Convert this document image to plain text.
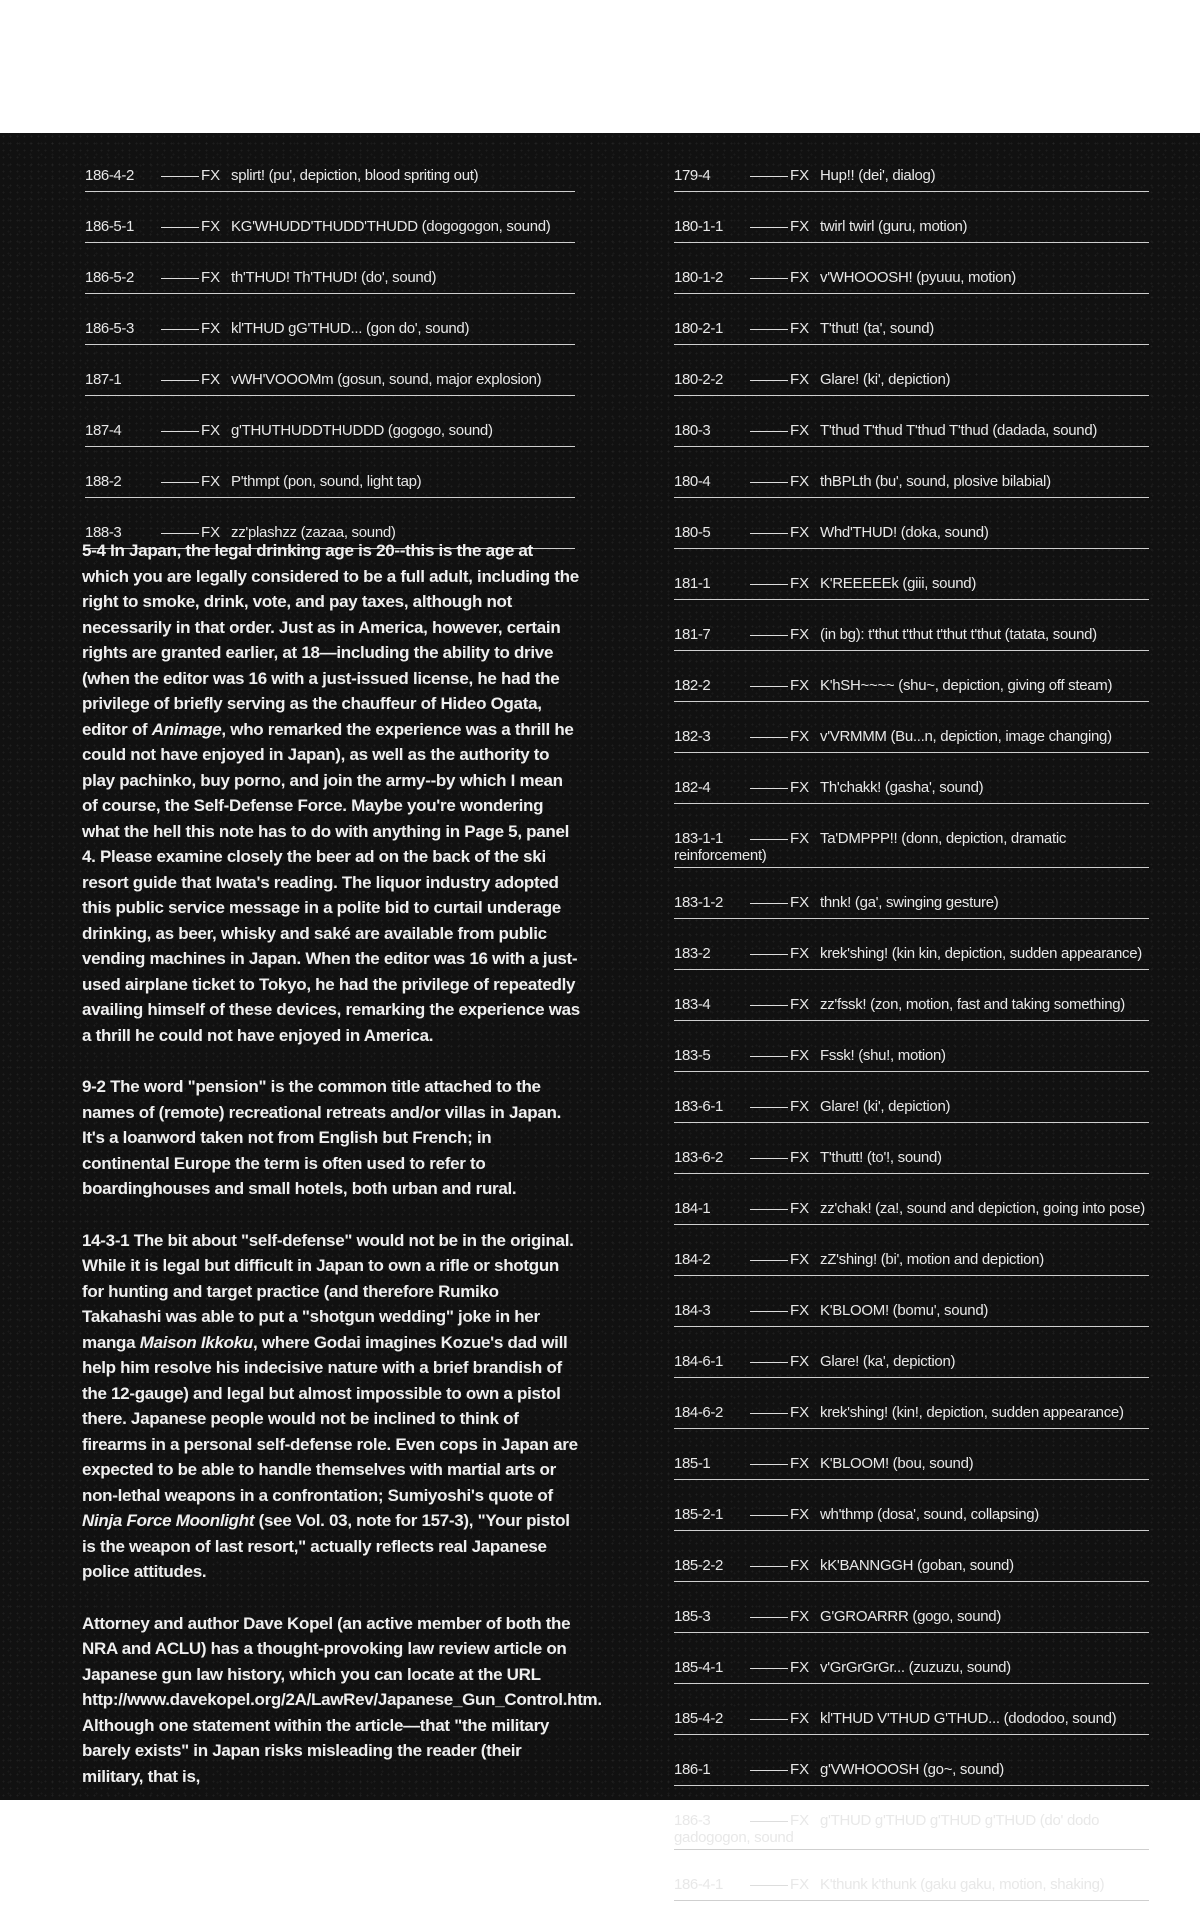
186-4-2	FX splirt! (pu', depiction, blood spriting out)
186-5-1	FX KG'WHUDD'THUDD'THUDD (dogogogon, sound)
186-5-2	FX th'THUD! Th'THUD! (do', sound)
186-5-3	FX kl'THUD gG'THUD... (gon do', sound)
187-1	FX vWH'VOOOMm (gosun, sound, major explosion)
187-4	FX g'THUTHUDDTHUDDD (gogogo, sound)
188-2	FX P'thmpt (pon, sound, light tap)
188-3	FX zz'plashzz (zazaa, sound)
179-4	FX Hup!! (dei', dialog)
180-1-1	FX twirl twirl (guru, motion)
180-1-2	FX v'WHOOOSH! (pyuuu, motion)
180-2-1	FX T'thut! (ta', sound)
180-2-2	FX Glare! (ki', depiction)
180-3	FX T'thud T'thud T'thud T'thud (dadada, sound)
180-4	FX thBPLth (bu', sound, plosive bilabial)
180-5	FX Whd'THUD! (doka, sound)
181-1	FX K'REEEEEk (giii, sound)
181-7	FX (in bg): t'thut t'thut t'thut t'thut (tatata, sound)
182-2	FX K'hSH~~~~ (shu~, depiction, giving off steam)
182-3	FX v'VRMMM (Bu...n, depiction, image changing)
182-4	FX Th'chakk! (gasha', sound)
183-1-1	FX Ta'DMPPP!! (donn, depiction, dramatic reinforcement)
183-1-2	FX thnk! (ga', swinging gesture)
183-2	FX krek'shing! (kin kin, depiction, sudden appearance)
183-4	FX zz'fssk! (zon, motion, fast and taking something)
183-5	FX Fssk! (shu!, motion)
183-6-1	FX Glare! (ki', depiction)
183-6-2	FX T'thutt! (to'!, sound)
184-1	FX zz'chak! (za!, sound and depiction, going into pose)
184-2	FX zZ'shing! (bi', motion and depiction)
184-3	FX K'BLOOM! (bomu', sound)
184-6-1	FX Glare! (ka', depiction)
184-6-2	FX krek'shing! (kin!, depiction, sudden appearance)
185-1	FX K'BLOOM! (bou, sound)
185-2-1	FX wh'thmp (dosa', sound, collapsing)
185-2-2	FX kK'BANNGGH (goban, sound)
185-3	FX G'GROARRR (gogo, sound)
185-4-1	FX v'GrGrGrGr... (zuzuzu, sound)
185-4-2	FX kl'THUD V'THUD G'THUD... (dododoo, sound)
186-1	FX g'VWHOOOSH (go~, sound)
186-3	FX g'THUD g'THUD g'THUD g'THUD (do' dodo gadogogon, sound
186-4-1	FX K'thunk k'thunk (gaku gaku, motion, shaking)

5-4 In Japan, the legal drinking age is 20--this is the age at which you are legally considered to be a full adult, including the right to smoke, drink, vote, and pay taxes, although not necessarily in that order. Just as in America, however, certain rights are granted earlier, at 18—including the ability to drive (when the editor was 16 with a just-issued license, he had the privilege of briefly serving as the chauffeur of Hideo Ogata, editor of Animage, who remarked the experience was a thrill he could not have enjoyed in Japan), as well as the authority to play pachinko, buy porno, and join the army--by which I mean of course, the Self-Defense Force. Maybe you're wondering what the hell this note has to do with anything in Page 5, panel 4. Please examine closely the beer ad on the back of the ski resort guide that Iwata's reading. The liquor industry adopted this public service message in a polite bid to curtail underage drinking, as beer, whisky and saké are available from public vending machines in Japan. When the editor was 16 with a just-used airplane ticket to Tokyo, he had the privilege of repeatedly availing himself of these devices, remarking the experience was a thrill he could not have enjoyed in America.

9-2 The word "pension" is the common title attached to the names of (remote) recreational retreats and/or villas in Japan. It's a loanword taken not from English but French; in continental Europe the term is often used to refer to boardinghouses and small hotels, both urban and rural.

14-3-1 The bit about "self-defense" would not be in the original. While it is legal but difficult in Japan to own a rifle or shotgun for hunting and target practice (and therefore Rumiko Takahashi was able to put a "shotgun wedding" joke in her manga Maison Ikkoku, where Godai imagines Kozue's dad will help him resolve his indecisive nature with a brief brandish of the 12-gauge) and legal but almost impossible to own a pistol there. Japanese people would not be inclined to think of firearms in a personal self-defense role. Even cops in Japan are expected to be able to handle themselves with martial arts or non-lethal weapons in a confrontation; Sumiyoshi's quote of Ninja Force Moonlight (see Vol. 03, note for 157-3), "Your pistol is the weapon of last resort," actually reflects real Japanese police attitudes.

Attorney and author Dave Kopel (an active member of both the NRA and ACLU) has a thought-provoking law review article on Japanese gun law history, which you can locate at the URL http://www.davekopel.org/2A/LawRev/Japanese_Gun_Control.htm. Although one statement within the article—that "the military barely exists" in Japan risks misleading the reader (their military, that is,
